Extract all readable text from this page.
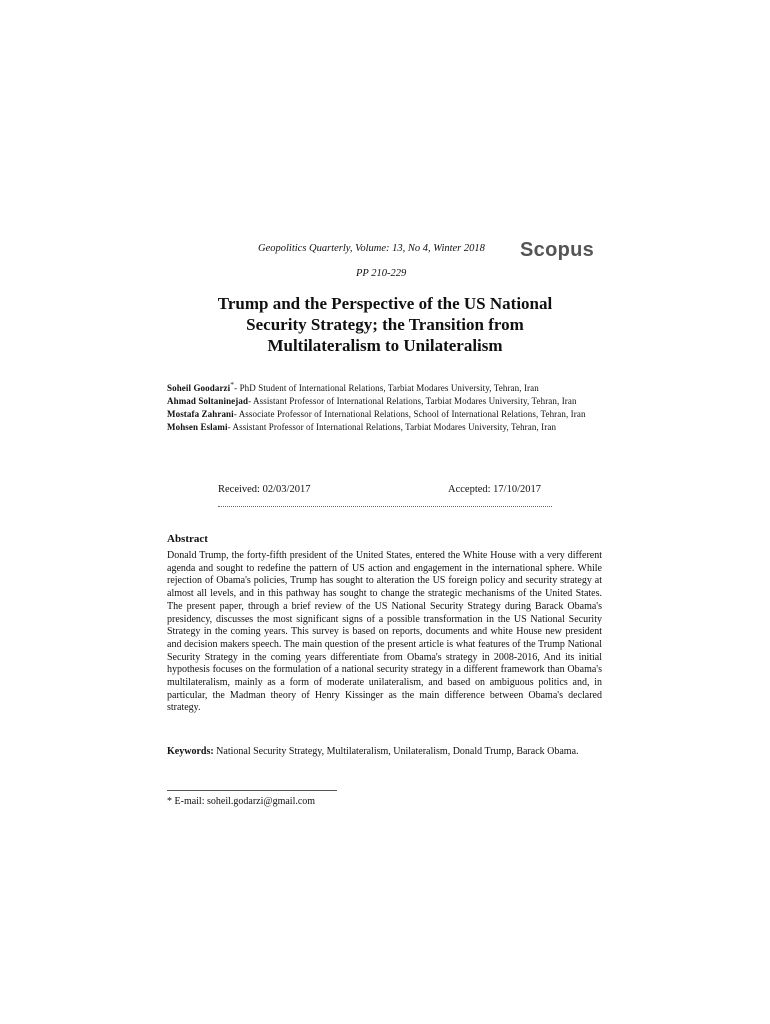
Geopolitics Quarterly, Volume: 13, No 4, Winter 2018 Scopus
PP 210-229
Trump and the Perspective of the US National
Security Strategy; the Transition from
Multilateralism to Unilateralism

Soheil Goodarzi*- PhD Student of International Relations, Tarbiat Modares University, Tehran, Iran

Ahmad Soltaninejad- Assistant Professor of International Relations, Tarbiat Modares University, Tehran, Iran

Mostafa Zahrani- Associate Professor of International Relations, School of International Relations, Tehran, Iran

Mohsen Eslami- Assistant Professor of International Relations, Tarbiat Modares University, Tehran, Iran

Received: 02/03/2017	Accepted: 17/10/2017
Abstract
Donald Trump, the forty-fifth president of the United States, entered the White House with a very different agenda and sought to redefine the pattern of US action and engagement in the international sphere. While rejection of Obama's policies, Trump has sought to alteration the US foreign policy and security strategy at almost all levels, and in this pathway has sought to change the strategic mechanisms of the United States. The present paper, through a brief review of the US National Security Strategy during Barack Obama's presidency, discusses the most significant signs of a possible transformation in the US National Security Strategy in the coming years. This survey is based on reports, documents and white House new president and decision makers speech. The main question of the present article is what features of the Trump National Security Strategy in the coming years differentiate from Obama's strategy in 2008-2016, And its initial hypothesis focuses on the formulation of a national security strategy in a different framework than Obama's multilateralism, mainly as a form of moderate unilateralism, and based on ambiguous politics and, in particular, the Madman theory of Henry Kissinger as the main difference between Obama's declared strategy.
Keywords: National Security Strategy, Multilateralism, Unilateralism, Donald Trump, Barack Obama.
* E-mail: soheil.godarzi@gmail.com
